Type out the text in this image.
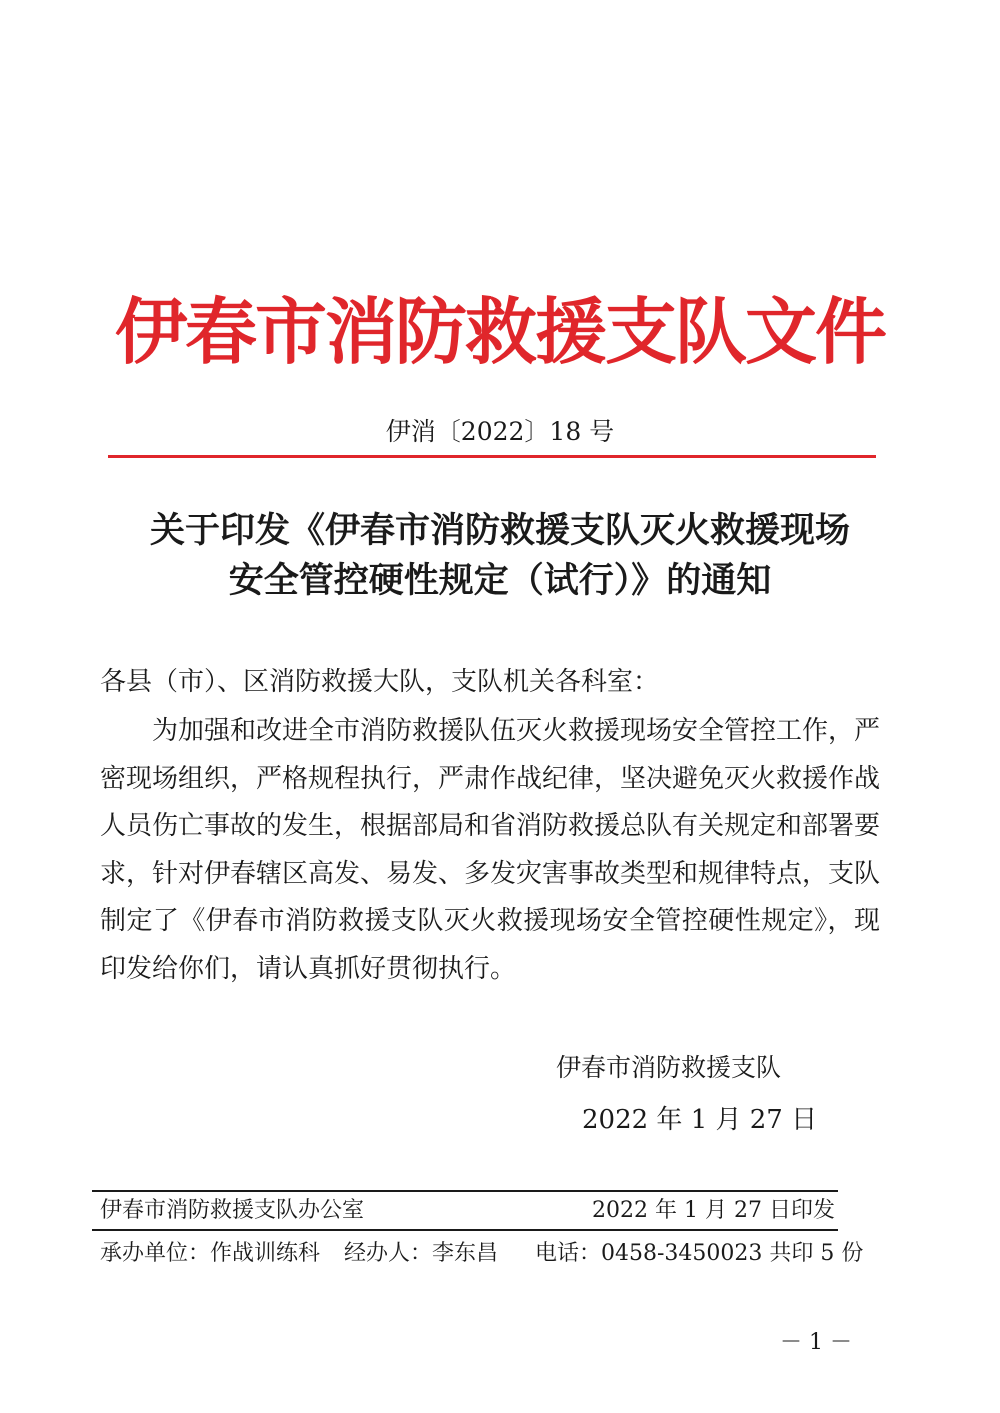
伊春市消防救援支队文件
伊消〔2022〕18 号
关于印发《伊春市消防救援支队灭火救援现场
安全管控硬性规定（试行）》的通知
各县（市）、区消防救援大队，支队机关各科室：
为加强和改进全市消防救援队伍灭火救援现场安全管控工作，严密现场组织，严格规程执行，严肃作战纪律，坚决避免灭火救援作战人员伤亡事故的发生，根据部局和省消防救援总队有关规定和部署要求，针对伊春辖区高发、易发、多发灾害事故类型和规律特点，支队制定了《伊春市消防救援支队灭火救援现场安全管控硬性规定》，现印发给你们，请认真抓好贯彻执行。
伊春市消防救援支队
2022 年 1 月 27 日
伊春市消防救援支队办公室	2022 年 1 月 27 日印发
承办单位：作战训练科 经办人：李东昌 电话：0458-3450023 共印 5 份
－ 1 －
